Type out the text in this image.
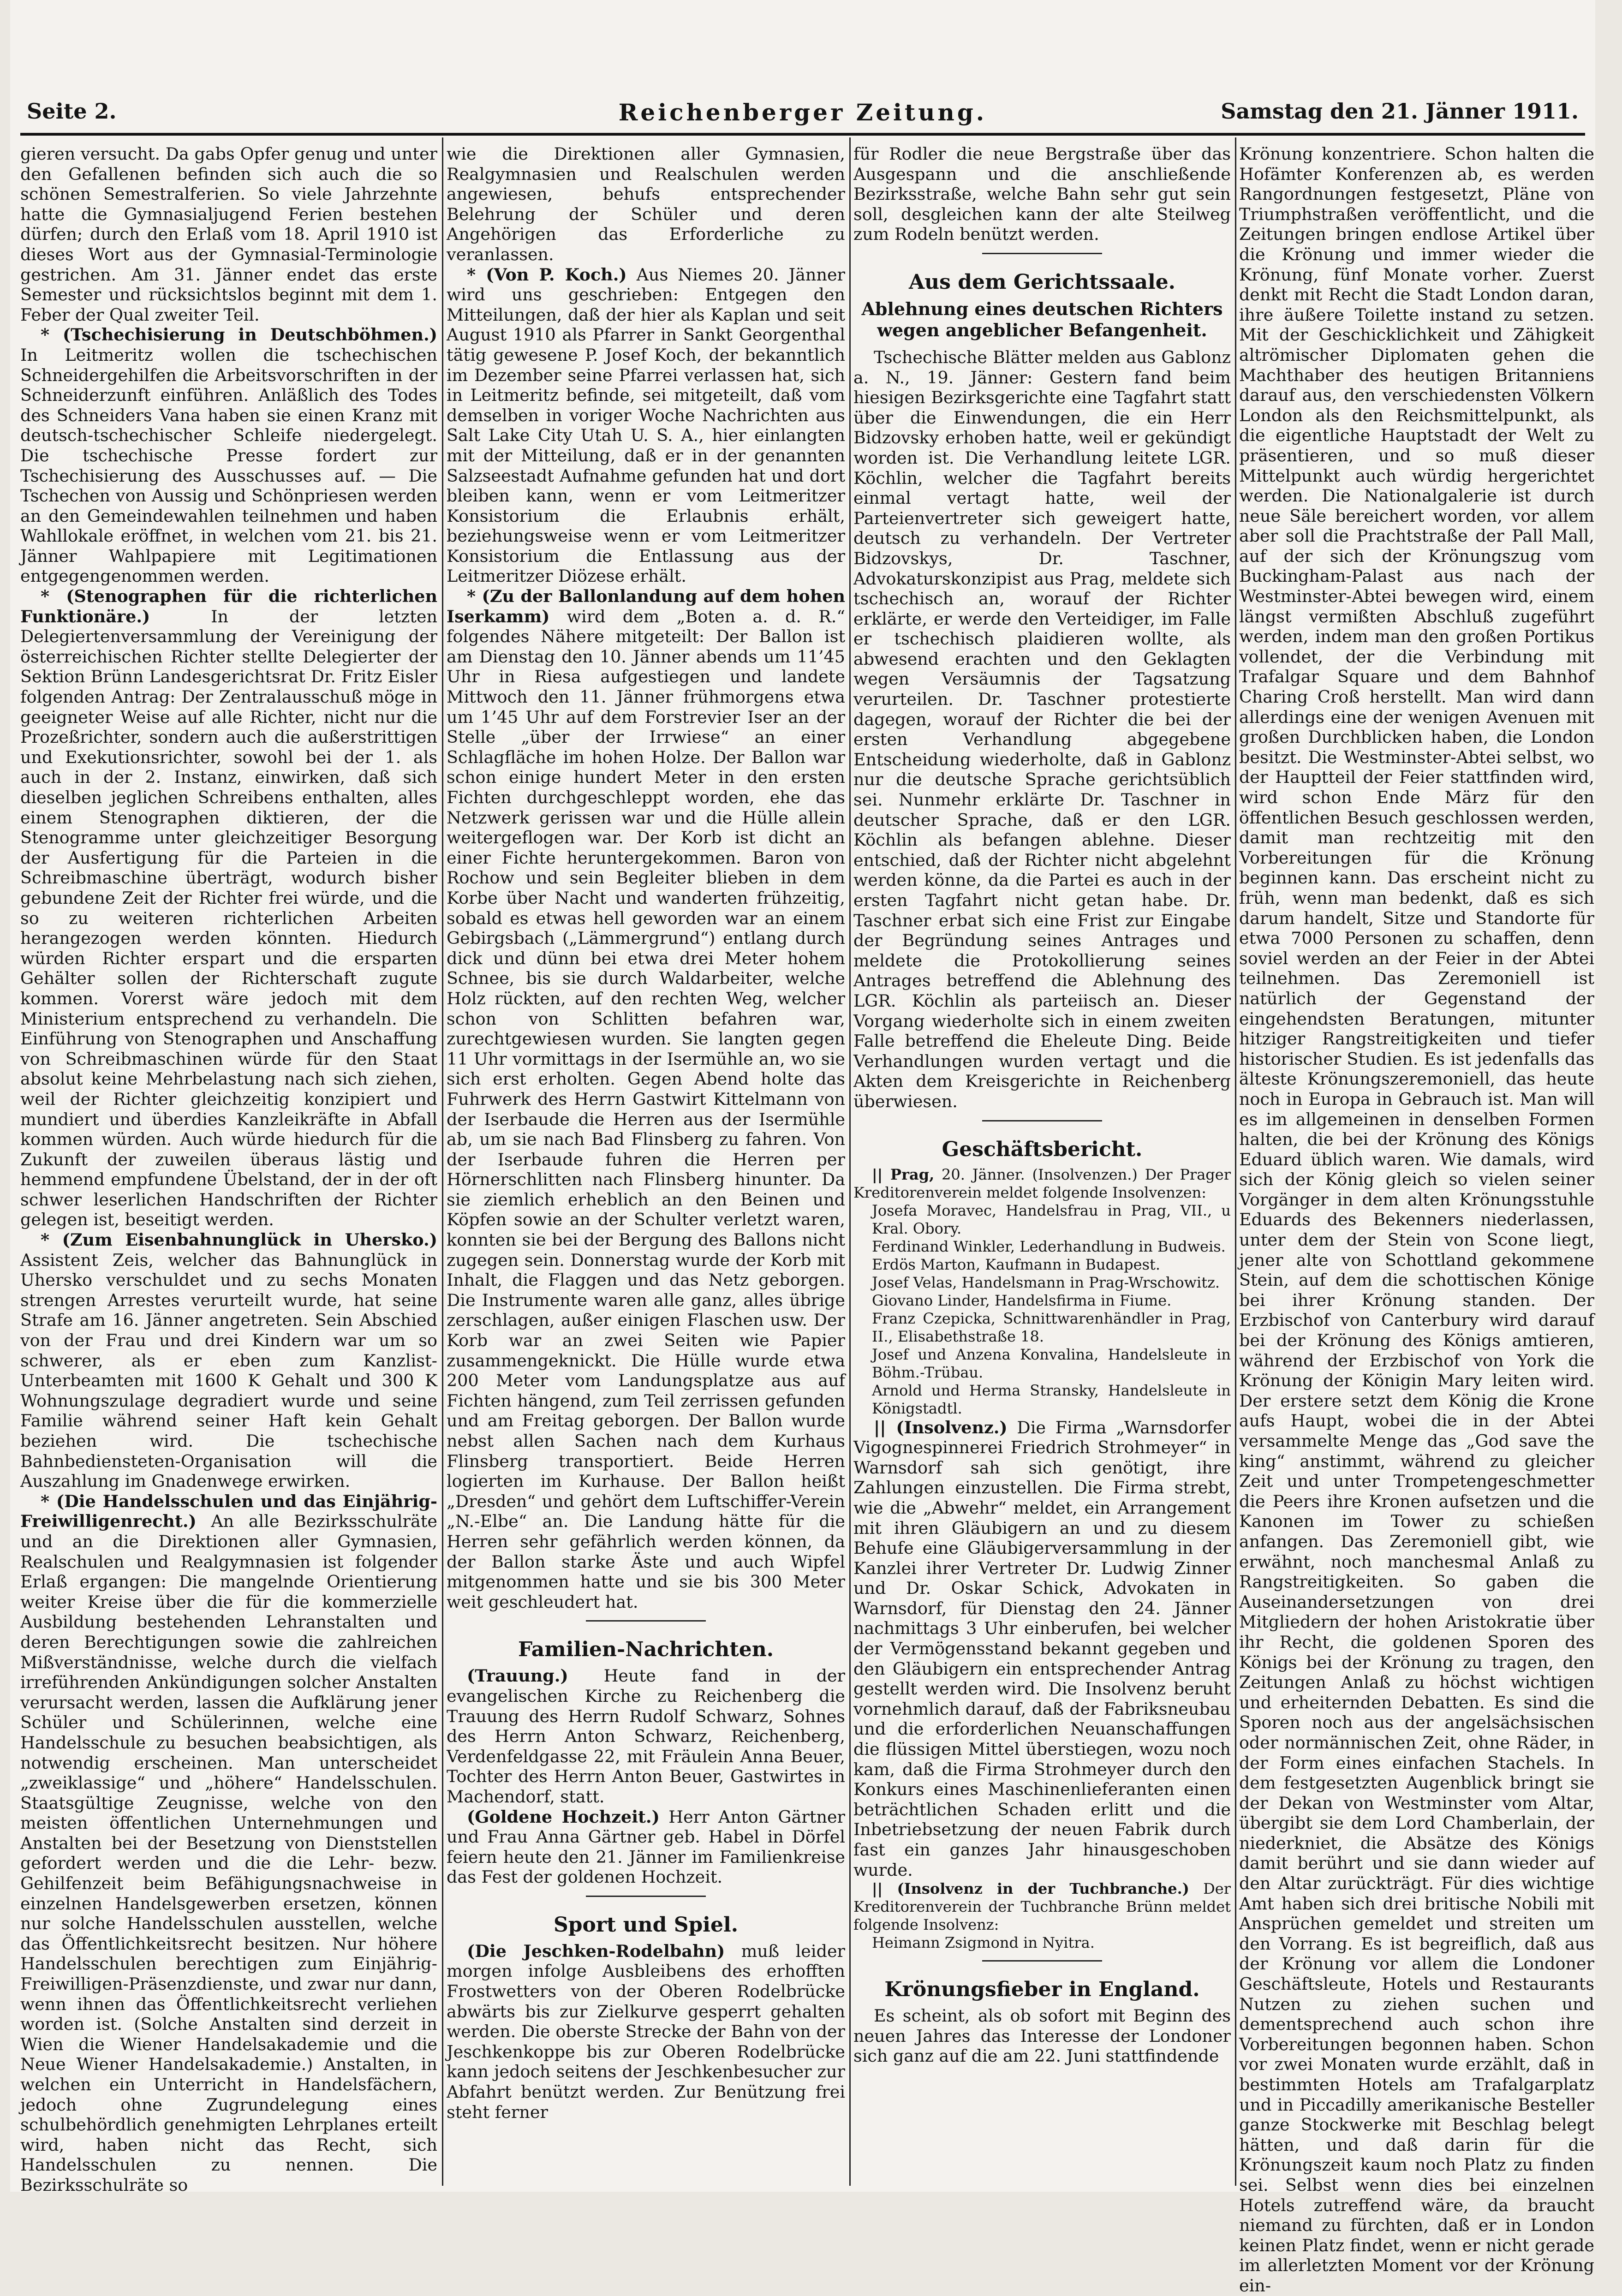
Seite 2.	Reichenberger Zeitung.	Samstag den 21. Jänner 1911.

gieren versucht. Da gabs Opfer genug und unter den Gefallenen befinden sich auch die so schönen Semestralferien. So viele Jahrzehnte hatte die Gymnasialjugend Ferien bestehen dürfen; durch den Erlaß vom 18. April 1910 ist dieses Wort aus der Gymnasial-Terminologie gestrichen. Am 31. Jänner endet das erste Semester und rücksichtslos beginnt mit dem 1. Feber der Qual zweiter Teil.

* (Tschechisierung in Deutschböhmen.) In Leitmeritz wollen die tschechischen Schneidergehilfen die Arbeitsvorschriften in der Schneiderzunft einführen. Anläßlich des Todes des Schneiders Vana haben sie einen Kranz mit deutsch-tschechischer Schleife niedergelegt. Die tschechische Presse fordert zur Tschechisierung des Ausschusses auf. — Die Tschechen von Aussig und Schönpriesen werden an den Gemeindewahlen teilnehmen und haben Wahllokale eröffnet, in welchen vom 21. bis 21. Jänner Wahlpapiere mit Legitimationen entgegengenommen werden.

* (Stenographen für die richterlichen Funktionäre.) In der letzten Delegiertenversammlung der Vereinigung der österreichischen Richter stellte Delegierter der Sektion Brünn Landesgerichtsrat Dr. Fritz Eisler folgenden Antrag: Der Zentralausschuß möge in geeigneter Weise auf alle Richter, nicht nur die Prozeßrichter, sondern auch die außerstrittigen und Exekutionsrichter, sowohl bei der 1. als auch in der 2. Instanz, einwirken, daß sich dieselben jeglichen Schreibens enthalten, alles einem Stenographen diktieren, der die Stenogramme unter gleichzeitiger Besorgung der Ausfertigung für die Parteien in die Schreibmaschine überträgt, wodurch bisher gebundene Zeit der Richter frei würde, und die so zu weiteren richterlichen Arbeiten herangezogen werden könnten. Hiedurch würden Richter erspart und die ersparten Gehälter sollen der Richterschaft zugute kommen. Vorerst wäre jedoch mit dem Ministerium entsprechend zu verhandeln. Die Einführung von Stenographen und Anschaffung von Schreibmaschinen würde für den Staat absolut keine Mehrbelastung nach sich ziehen, weil der Richter gleichzeitig konzipiert und mundiert und überdies Kanzleikräfte in Abfall kommen würden. Auch würde hiedurch für die Zukunft der zuweilen überaus lästig und hemmend empfundene Übelstand, der in der oft schwer leserlichen Handschriften der Richter gelegen ist, beseitigt werden.

* (Zum Eisenbahnunglück in Uhersko.) Assistent Zeis, welcher das Bahnunglück in Uhersko verschuldet und zu sechs Monaten strengen Arrestes verurteilt wurde, hat seine Strafe am 16. Jänner angetreten. Sein Abschied von der Frau und drei Kindern war um so schwerer, als er eben zum Kanzlist-Unterbeamten mit 1600 K Gehalt und 300 K Wohnungszulage degradiert wurde und seine Familie während seiner Haft kein Gehalt beziehen wird. Die tschechische Bahnbediensteten-Organisation will die Auszahlung im Gnadenwege erwirken.

* (Die Handelsschulen und das Einjährig-Freiwilligenrecht.) An alle Bezirksschulräte und an die Direktionen aller Gymnasien, Realschulen und Realgymnasien ist folgender Erlaß ergangen: Die mangelnde Orientierung weiter Kreise über die für die kommerzielle Ausbildung bestehenden Lehranstalten und deren Berechtigungen sowie die zahlreichen Mißverständnisse, welche durch die vielfach irreführenden Ankündigungen solcher Anstalten verursacht werden, lassen die Aufklärung jener Schüler und Schülerinnen, welche eine Handelsschule zu besuchen beabsichtigen, als notwendig erscheinen. Man unterscheidet „zweiklassige“ und „höhere“ Handelsschulen. Staatsgültige Zeugnisse, welche von den meisten öffentlichen Unternehmungen und Anstalten bei der Besetzung von Dienststellen gefordert werden und die die Lehr- bezw. Gehilfenzeit beim Befähigungsnachweise in einzelnen Handelsgewerben ersetzen, können nur solche Handelsschulen ausstellen, welche das Öffentlichkeitsrecht besitzen. Nur höhere Handelsschulen berechtigen zum Einjährig-Freiwilligen-Präsenzdienste, und zwar nur dann, wenn ihnen das Öffentlichkeitsrecht verliehen worden ist. (Solche Anstalten sind derzeit in Wien die Wiener Handelsakademie und die Neue Wiener Handelsakademie.) Anstalten, in welchen ein Unterricht in Handelsfächern, jedoch ohne Zugrundelegung eines schulbehördlich genehmigten Lehrplanes erteilt wird, haben nicht das Recht, sich Handelsschulen zu nennen. Die Bezirksschulräte so

wie die Direktionen aller Gymnasien, Realgymnasien und Realschulen werden angewiesen, behufs entsprechender Belehrung der Schüler und deren Angehörigen das Erforderliche zu veranlassen.

* (Von P. Koch.) Aus Niemes 20. Jänner wird uns geschrieben: Entgegen den Mitteilungen, daß der hier als Kaplan und seit August 1910 als Pfarrer in Sankt Georgenthal tätig gewesene P. Josef Koch, der bekanntlich im Dezember seine Pfarrei verlassen hat, sich in Leitmeritz befinde, sei mitgeteilt, daß vom demselben in voriger Woche Nachrichten aus Salt Lake City Utah U. S. A., hier einlangten mit der Mitteilung, daß er in der genannten Salzseestadt Aufnahme gefunden hat und dort bleiben kann, wenn er vom Leitmeritzer Konsistorium die Erlaubnis erhält, beziehungsweise wenn er vom Leitmeritzer Konsistorium die Entlassung aus der Leitmeritzer Diözese erhält.

* (Zu der Ballonlandung auf dem hohen Iserkamm) wird dem „Boten a. d. R.“ folgendes Nähere mitgeteilt: Der Ballon ist am Dienstag den 10. Jänner abends um 11’45 Uhr in Riesa aufgestiegen und landete Mittwoch den 11. Jänner frühmorgens etwa um 1’45 Uhr auf dem Forstrevier Iser an der Stelle „über der Irrwiese“ an einer Schlagfläche im hohen Holze. Der Ballon war schon einige hundert Meter in den ersten Fichten durchgeschleppt worden, ehe das Netzwerk gerissen war und die Hülle allein weitergeflogen war. Der Korb ist dicht an einer Fichte heruntergekommen. Baron von Rochow und sein Begleiter blieben in dem Korbe über Nacht und wanderten frühzeitig, sobald es etwas hell geworden war an einem Gebirgsbach („Lämmergrund“) entlang durch dick und dünn bei etwa drei Meter hohem Schnee, bis sie durch Waldarbeiter, welche Holz rückten, auf den rechten Weg, welcher schon von Schlitten befahren war, zurechtgewiesen wurden. Sie langten gegen 11 Uhr vormittags in der Isermühle an, wo sie sich erst erholten. Gegen Abend holte das Fuhrwerk des Herrn Gastwirt Kittelmann von der Iserbaude die Herren aus der Isermühle ab, um sie nach Bad Flinsberg zu fahren. Von der Iserbaude fuhren die Herren per Hörnerschlitten nach Flinsberg hinunter. Da sie ziemlich erheblich an den Beinen und Köpfen sowie an der Schulter verletzt waren, konnten sie bei der Bergung des Ballons nicht zugegen sein. Donnerstag wurde der Korb mit Inhalt, die Flaggen und das Netz geborgen. Die Instrumente waren alle ganz, alles übrige zerschlagen, außer einigen Flaschen usw. Der Korb war an zwei Seiten wie Papier zusammengeknickt. Die Hülle wurde etwa 200 Meter vom Landungsplatze aus auf Fichten hängend, zum Teil zerrissen gefunden und am Freitag geborgen. Der Ballon wurde nebst allen Sachen nach dem Kurhaus Flinsberg transportiert. Beide Herren logierten im Kurhause. Der Ballon heißt „Dresden“ und gehört dem Luftschiffer-Verein „N.-Elbe“ an. Die Landung hätte für die Herren sehr gefährlich werden können, da der Ballon starke Äste und auch Wipfel mitgenommen hatte und sie bis 300 Meter weit geschleudert hat.

Familien-Nachrichten.

(Trauung.) Heute fand in der evangelischen Kirche zu Reichenberg die Trauung des Herrn Rudolf Schwarz, Sohnes des Herrn Anton Schwarz, Reichenberg, Verdenfeldgasse 22, mit Fräulein Anna Beuer, Tochter des Herrn Anton Beuer, Gastwirtes in Machendorf, statt.

(Goldene Hochzeit.) Herr Anton Gärtner und Frau Anna Gärtner geb. Habel in Dörfel feiern heute den 21. Jänner im Familienkreise das Fest der goldenen Hochzeit.

Sport und Spiel.

(Die Jeschken-Rodelbahn) muß leider morgen infolge Ausbleibens des erhofften Frostwetters von der Oberen Rodelbrücke abwärts bis zur Zielkurve gesperrt gehalten werden. Die oberste Strecke der Bahn von der Jeschkenkoppe bis zur Oberen Rodelbrücke kann jedoch seitens der Jeschkenbesucher zur Abfahrt benützt werden. Zur Benützung frei steht ferner

für Rodler die neue Bergstraße über das Ausgespann und die anschließende Bezirksstraße, welche Bahn sehr gut sein soll, desgleichen kann der alte Steilweg zum Rodeln benützt werden.

Aus dem Gerichtssaale.
Ablehnung eines deutschen Richters wegen angeblicher Befangenheit.

Tschechische Blätter melden aus Gablonz a. N., 19. Jänner: Gestern fand beim hiesigen Bezirksgerichte eine Tagfahrt statt über die Einwendungen, die ein Herr Bidzovsky erhoben hatte, weil er gekündigt worden ist. Die Verhandlung leitete LGR. Köchlin, welcher die Tagfahrt bereits einmal vertagt hatte, weil der Parteienvertreter sich geweigert hatte, deutsch zu verhandeln. Der Vertreter Bidzovskys, Dr. Taschner, Advokaturskonzipist aus Prag, meldete sich tschechisch an, worauf der Richter erklärte, er werde den Verteidiger, im Falle er tschechisch plaidieren wollte, als abwesend erachten und den Geklagten wegen Versäumnis der Tagsatzung verurteilen. Dr. Taschner protestierte dagegen, worauf der Richter die bei der ersten Verhandlung abgegebene Entscheidung wiederholte, daß in Gablonz nur die deutsche Sprache gerichtsüblich sei. Nunmehr erklärte Dr. Taschner in deutscher Sprache, daß er den LGR. Köchlin als befangen ablehne. Dieser entschied, daß der Richter nicht abgelehnt werden könne, da die Partei es auch in der ersten Tagfahrt nicht getan habe. Dr. Taschner erbat sich eine Frist zur Eingabe der Begründung seines Antrages und meldete die Protokollierung seines Antrages betreffend die Ablehnung des LGR. Köchlin als parteiisch an. Dieser Vorgang wiederholte sich in einem zweiten Falle betreffend die Eheleute Ding. Beide Verhandlungen wurden vertagt und die Akten dem Kreisgerichte in Reichenberg überwiesen.

Geschäftsbericht.

|| Prag, 20. Jänner. (Insolvenzen.) Der Prager Kreditorenverein meldet folgende Insolvenzen:

Josefa Moravec, Handelsfrau in Prag, VII., u Kral. Obory.

Ferdinand Winkler, Lederhandlung in Budweis.

Erdös Marton, Kaufmann in Budapest.

Josef Velas, Handelsmann in Prag-Wrschowitz.

Giovano Linder, Handelsfirma in Fiume.

Franz Czepicka, Schnittwarenhändler in Prag, II., Elisabethstraße 18.

Josef und Anzena Konvalina, Handelsleute in Böhm.-Trübau.

Arnold und Herma Stransky, Handelsleute in Königstadtl.

|| (Insolvenz.) Die Firma „Warnsdorfer Vigognespinnerei Friedrich Strohmeyer“ in Warnsdorf sah sich genötigt, ihre Zahlungen einzustellen. Die Firma strebt, wie die „Abwehr“ meldet, ein Arrangement mit ihren Gläubigern an und zu diesem Behufe eine Gläubigerversammlung in der Kanzlei ihrer Vertreter Dr. Ludwig Zinner und Dr. Oskar Schick, Advokaten in Warnsdorf, für Dienstag den 24. Jänner nachmittags 3 Uhr einberufen, bei welcher der Vermögensstand bekannt gegeben und den Gläubigern ein entsprechender Antrag gestellt werden wird. Die Insolvenz beruht vornehmlich darauf, daß der Fabriksneubau und die erforderlichen Neuanschaffungen die flüssigen Mittel überstiegen, wozu noch kam, daß die Firma Strohmeyer durch den Konkurs eines Maschinenlieferanten einen beträchtlichen Schaden erlitt und die Inbetriebsetzung der neuen Fabrik durch fast ein ganzes Jahr hinausgeschoben wurde.

|| (Insolvenz in der Tuchbranche.) Der Kreditorenverein der Tuchbranche Brünn meldet folgende Insolvenz:

Heimann Zsigmond in Nyitra.

Krönungsfieber in England.

Es scheint, als ob sofort mit Beginn des neuen Jahres das Interesse der Londoner sich ganz auf die am 22. Juni stattfindende

Krönung konzentriere. Schon halten die Hofämter Konferenzen ab, es werden Rangordnungen festgesetzt, Pläne von Triumphstraßen veröffentlicht, und die Zeitungen bringen endlose Artikel über die Krönung und immer wieder die Krönung, fünf Monate vorher. Zuerst denkt mit Recht die Stadt London daran, ihre äußere Toilette instand zu setzen. Mit der Geschicklichkeit und Zähigkeit altrömischer Diplomaten gehen die Machthaber des heutigen Britanniens darauf aus, den verschiedensten Völkern London als den Reichsmittelpunkt, als die eigentliche Hauptstadt der Welt zu präsentieren, und so muß dieser Mittelpunkt auch würdig hergerichtet werden. Die Nationalgalerie ist durch neue Säle bereichert worden, vor allem aber soll die Prachtstraße der Pall Mall, auf der sich der Krönungszug vom Buckingham-Palast aus nach der Westminster-Abtei bewegen wird, einem längst vermißten Abschluß zugeführt werden, indem man den großen Portikus vollendet, der die Verbindung mit Trafalgar Square und dem Bahnhof Charing Croß herstellt. Man wird dann allerdings eine der wenigen Avenuen mit großen Durchblicken haben, die London besitzt. Die Westminster-Abtei selbst, wo der Hauptteil der Feier stattfinden wird, wird schon Ende März für den öffentlichen Besuch geschlossen werden, damit man rechtzeitig mit den Vorbereitungen für die Krönung beginnen kann. Das erscheint nicht zu früh, wenn man bedenkt, daß es sich darum handelt, Sitze und Standorte für etwa 7000 Personen zu schaffen, denn soviel werden an der Feier in der Abtei teilnehmen. Das Zeremoniell ist natürlich der Gegenstand der eingehendsten Beratungen, mitunter hitziger Rangstreitigkeiten und tiefer historischer Studien. Es ist jedenfalls das älteste Krönungszeremoniell, das heute noch in Europa in Gebrauch ist. Man will es im allgemeinen in denselben Formen halten, die bei der Krönung des Königs Eduard üblich waren. Wie damals, wird sich der König gleich so vielen seiner Vorgänger in dem alten Krönungsstuhle Eduards des Bekenners niederlassen, unter dem der Stein von Scone liegt, jener alte von Schottland gekommene Stein, auf dem die schottischen Könige bei ihrer Krönung standen. Der Erzbischof von Canterbury wird darauf bei der Krönung des Königs amtieren, während der Erzbischof von York die Krönung der Königin Mary leiten wird. Der erstere setzt dem König die Krone aufs Haupt, wobei die in der Abtei versammelte Menge das „God save the king“ anstimmt, während zu gleicher Zeit und unter Trompetengeschmetter die Peers ihre Kronen aufsetzen und die Kanonen im Tower zu schießen anfangen. Das Zeremoniell gibt, wie erwähnt, noch manchesmal Anlaß zu Rangstreitigkeiten. So gaben die Auseinandersetzungen von drei Mitgliedern der hohen Aristokratie über ihr Recht, die goldenen Sporen des Königs bei der Krönung zu tragen, den Zeitungen Anlaß zu höchst wichtigen und erheiternden Debatten. Es sind die Sporen noch aus der angelsächsischen oder normännischen Zeit, ohne Räder, in der Form eines einfachen Stachels. In dem festgesetzten Augenblick bringt sie der Dekan von Westminster vom Altar, übergibt sie dem Lord Chamberlain, der niederkniet, die Absätze des Königs damit berührt und sie dann wieder auf den Altar zurückträgt. Für dies wichtige Amt haben sich drei britische Nobili mit Ansprüchen gemeldet und streiten um den Vorrang. Es ist begreiflich, daß aus der Krönung vor allem die Londoner Geschäftsleute, Hotels und Restaurants Nutzen zu ziehen suchen und dementsprechend auch schon ihre Vorbereitungen begonnen haben. Schon vor zwei Monaten wurde erzählt, daß in bestimmten Hotels am Trafalgarplatz und in Piccadilly amerikanische Besteller ganze Stockwerke mit Beschlag belegt hätten, und daß darin für die Krönungszeit kaum noch Platz zu finden sei. Selbst wenn dies bei einzelnen Hotels zutreffend wäre, da braucht niemand zu fürchten, daß er in London keinen Platz findet, wenn er nicht gerade im allerletzten Moment vor der Krönung ein-
